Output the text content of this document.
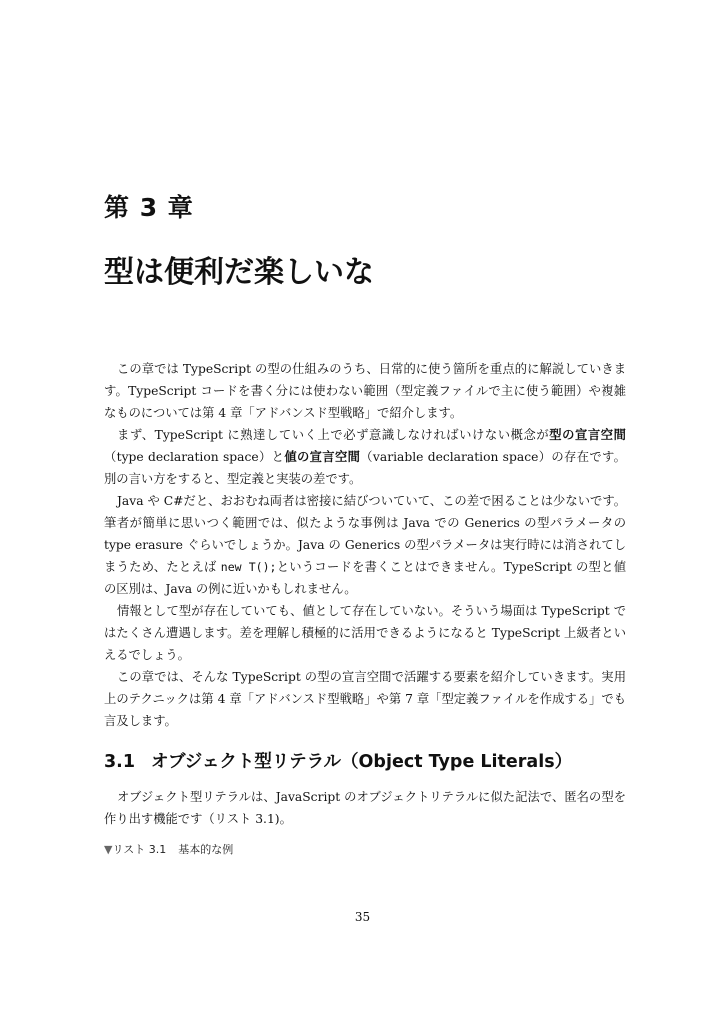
第 3 章
型は便利だ楽しいな

この章では TypeScript の型の仕組みのうち、日常的に使う箇所を重点的に解説していきます。TypeScript コードを書く分には使わない範囲（型定義ファイルで主に使う範囲）や複雑なものについては第 4 章「アドバンスド型戦略」で紹介します。

まず、TypeScript に熟達していく上で必ず意識しなければいけない概念が型の宣言空間（type declaration space）と値の宣言空間（variable declaration space）の存在です。別の言い方をすると、型定義と実装の差です。

Java や C#だと、おおむね両者は密接に結びついていて、この差で困ることは少ないです。筆者が簡単に思いつく範囲では、似たような事例は Java での Generics の型パラメータの type erasure ぐらいでしょうか。Java の Generics の型パラメータは実行時には消されてしまうため、たとえば new T();というコードを書くことはできません。TypeScript の型と値の区別は、Java の例に近いかもしれません。

情報として型が存在していても、値として存在していない。そういう場面は TypeScript ではたくさん遭遇します。差を理解し積極的に活用できるようになると TypeScript 上級者といえるでしょう。

この章では、そんな TypeScript の型の宣言空間で活躍する要素を紹介していきます。実用上のテクニックは第 4 章「アドバンスド型戦略」や第 7 章「型定義ファイルを作成する」でも言及します。

3.1 オブジェクト型リテラル（Object Type Literals）

オブジェクト型リテラルは、JavaScript のオブジェクトリテラルに似た記法で、匿名の型を作り出す機能です（リスト 3.1)。

▼リスト 3.1 基本的な例
35
